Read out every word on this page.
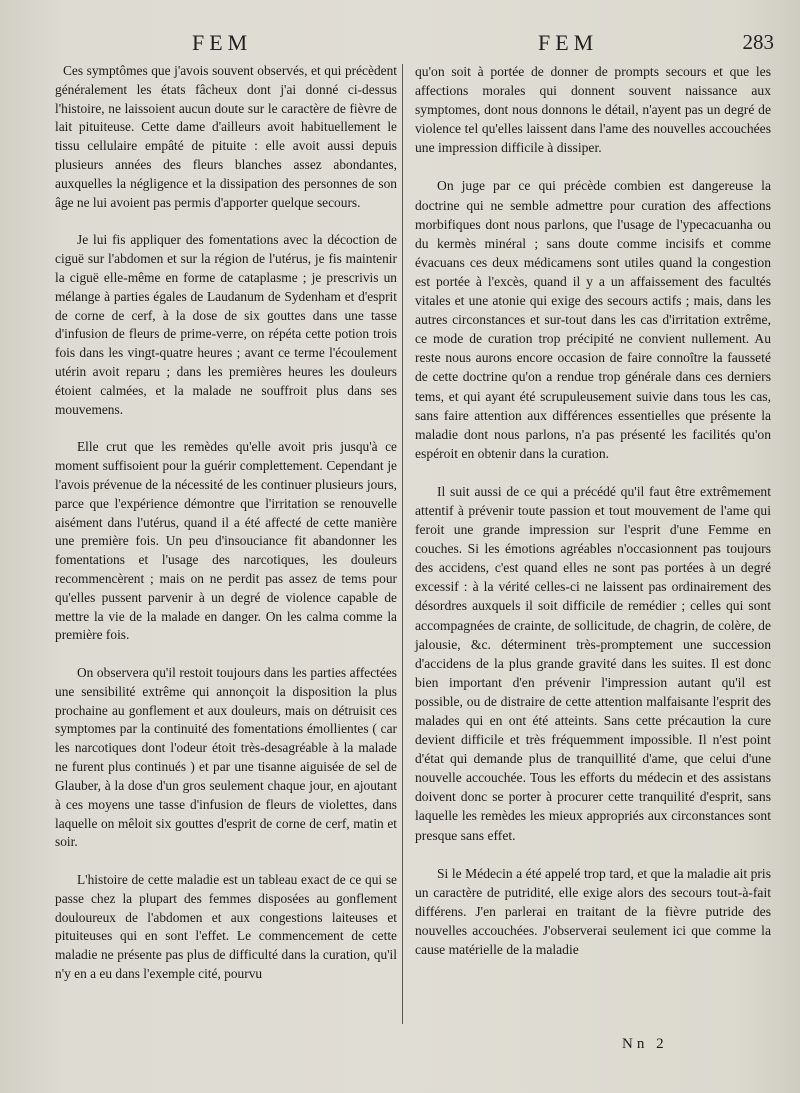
FEM	FEM	283

Ces symptômes que j'avois souvent observés, et qui précèdent généralement les états fâcheux dont j'ai donné ci-dessus l'histoire, ne laissoient aucun doute sur le caractère de fièvre de lait pituiteuse. Cette dame d'ailleurs avoit habituellement le tissu cellulaire empâté de pituite : elle avoit aussi depuis plusieurs années des fleurs blanches assez abondantes, auxquelles la négligence et la dissipation des personnes de son âge ne lui avoient pas permis d'apporter quelque secours.

Je lui fis appliquer des fomentations avec la décoction de ciguë sur l'abdomen et sur la région de l'utérus, je fis maintenir la ciguë elle-même en forme de cataplasme ; je prescrivis un mélange à parties égales de Laudanum de Sydenham et d'esprit de corne de cerf, à la dose de six gouttes dans une tasse d'infusion de fleurs de prime-verre, on répéta cette potion trois fois dans les vingt-quatre heures ; avant ce terme l'écoulement utérin avoit reparu ; dans les premières heures les douleurs étoient calmées, et la malade ne souffroit plus dans ses mouvemens.

Elle crut que les remèdes qu'elle avoit pris jusqu'à ce moment suffisoient pour la guérir complettement. Cependant je l'avois prévenue de la nécessité de les continuer plusieurs jours, parce que l'expérience démontre que l'irritation se renouvelle aisément dans l'utérus, quand il a été affecté de cette manière une première fois. Un peu d'insouciance fit abandonner les fomentations et l'usage des narcotiques, les douleurs recommencèrent ; mais on ne perdit pas assez de tems pour qu'elles pussent parvenir à un degré de violence capable de mettre la vie de la malade en danger. On les calma comme la première fois.

On observera qu'il restoit toujours dans les parties affectées une sensibilité extrême qui annonçoit la disposition la plus prochaine au gonflement et aux douleurs, mais on détruisit ces symptomes par la continuité des fomentations émollientes ( car les narcotiques dont l'odeur étoit très-desagréable à la malade ne furent plus continués ) et par une tisanne aiguisée de sel de Glauber, à la dose d'un gros seulement chaque jour, en ajoutant à ces moyens une tasse d'infusion de fleurs de violettes, dans laquelle on mêloit six gouttes d'esprit de corne de cerf, matin et soir.

L'histoire de cette maladie est un tableau exact de ce qui se passe chez la plupart des femmes disposées au gonflement douloureux de l'abdomen et aux congestions laiteuses et pituiteuses qui en sont l'effet. Le commencement de cette maladie ne présente pas plus de difficulté dans la curation, qu'il n'y en a eu dans l'exemple cité, pourvu

qu'on soit à portée de donner de prompts secours et que les affections morales qui donnent souvent naissance aux symptomes, dont nous donnons le détail, n'ayent pas un degré de violence tel qu'elles laissent dans l'ame des nouvelles accouchées une impression difficile à dissiper.

On juge par ce qui précède combien est dangereuse la doctrine qui ne semble admettre pour curation des affections morbifiques dont nous parlons, que l'usage de l'ypecacuanha ou du kermès minéral ; sans doute comme incisifs et comme évacuans ces deux médicamens sont utiles quand la congestion est portée à l'excès, quand il y a un affaissement des facultés vitales et une atonie qui exige des secours actifs ; mais, dans les autres circonstances et sur-tout dans les cas d'irritation extrême, ce mode de curation trop précipité ne convient nullement. Au reste nous aurons encore occasion de faire connoître la fausseté de cette doctrine qu'on a rendue trop générale dans ces derniers tems, et qui ayant été scrupuleusement suivie dans tous les cas, sans faire attention aux différences essentielles que présente la maladie dont nous parlons, n'a pas présenté les facilités qu'on espéroit en obtenir dans la curation.

Il suit aussi de ce qui a précédé qu'il faut être extrêmement attentif à prévenir toute passion et tout mouvement de l'ame qui feroit une grande impression sur l'esprit d'une Femme en couches. Si les émotions agréables n'occasionnent pas toujours des accidens, c'est quand elles ne sont pas portées à un degré excessif : à la vérité celles-ci ne laissent pas ordinairement des désordres auxquels il soit difficile de remédier ; celles qui sont accompagnées de crainte, de sollicitude, de chagrin, de colère, de jalousie, &c. déterminent très-promptement une succession d'accidens de la plus grande gravité dans les suites. Il est donc bien important d'en prévenir l'impression autant qu'il est possible, ou de distraire de cette attention malfaisante l'esprit des malades qui en ont été atteints. Sans cette précaution la cure devient difficile et très fréquemment impossible. Il n'est point d'état qui demande plus de tranquillité d'ame, que celui d'une nouvelle accouchée. Tous les efforts du médecin et des assistans doivent donc se porter à procurer cette tranquilité d'esprit, sans laquelle les remèdes les mieux appropriés aux circonstances sont presque sans effet.

Si le Médecin a été appelé trop tard, et que la maladie ait pris un caractère de putridité, elle exige alors des secours tout-à-fait différens. J'en parlerai en traitant de la fièvre putride des nouvelles accouchées. J'observerai seulement ici que comme la cause matérielle de la maladie

Nn 2
